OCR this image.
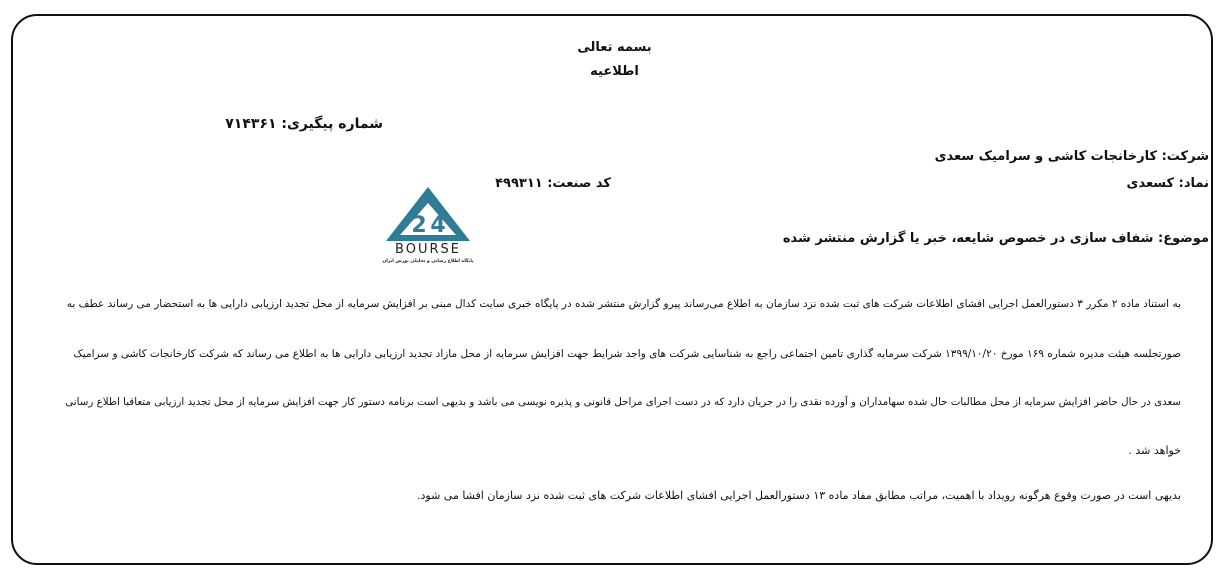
بسمه تعالی
اطلاعیه
شماره پیگیری: ۷۱۴۳۶۱
شرکت: کارخانجات کاشی و سرامیک سعدی
نماد: کسعدی
کد صنعت: ۴۹۹۳۱۱
موضوع: شفاف سازی در خصوص شایعه، خبر یا گزارش منتشر شده
2 4
BOURSE
پایگاه اطلاع رسانی و تحلیلی بورس ایران
به استناد ماده ۲ مکرر ۳ دستورالعمل اجرایی افشای اطلاعات شرکت های ثبت شده نزد سازمان به اطلاع می‌رساند پیرو گزارش منتشر شده در پایگاه خبری سایت کدال مبنی بر افزایش سرمایه از محل تجدید ارزیابی دارایی ها به استحضار می رساند عطف به
صورتجلسه هیئت مدیره شماره ۱۶۹ مورخ ۱۳۹۹/۱۰/۲۰ شرکت سرمایه گذاری تامین اجتماعی راجع به شناسایی شرکت های واجد شرایط جهت افزایش سرمایه از محل مازاد تجدید ارزیابی دارایی ها به اطلاع می رساند که شرکت کارخانجات کاشی و سرامیک
سعدی در حال حاضر افزایش سرمایه از محل مطالبات حال شده سهامداران و آورده نقدی را در جریان دارد که در دست اجرای مراحل قانونی و پذیره نویسی می باشد و بدیهی است برنامه دستور کار جهت افزایش سرمایه از محل تجدید ارزیابی متعاقبا اطلاع رسانی
خواهد شد .
بدیهی است در صورت وقوع هرگونه رویداد با اهمیت، مراتب مطابق مفاد ماده ۱۳ دستورالعمل اجرایی افشای اطلاعات شرکت های ثبت شده نزد سازمان افشا می شود.
